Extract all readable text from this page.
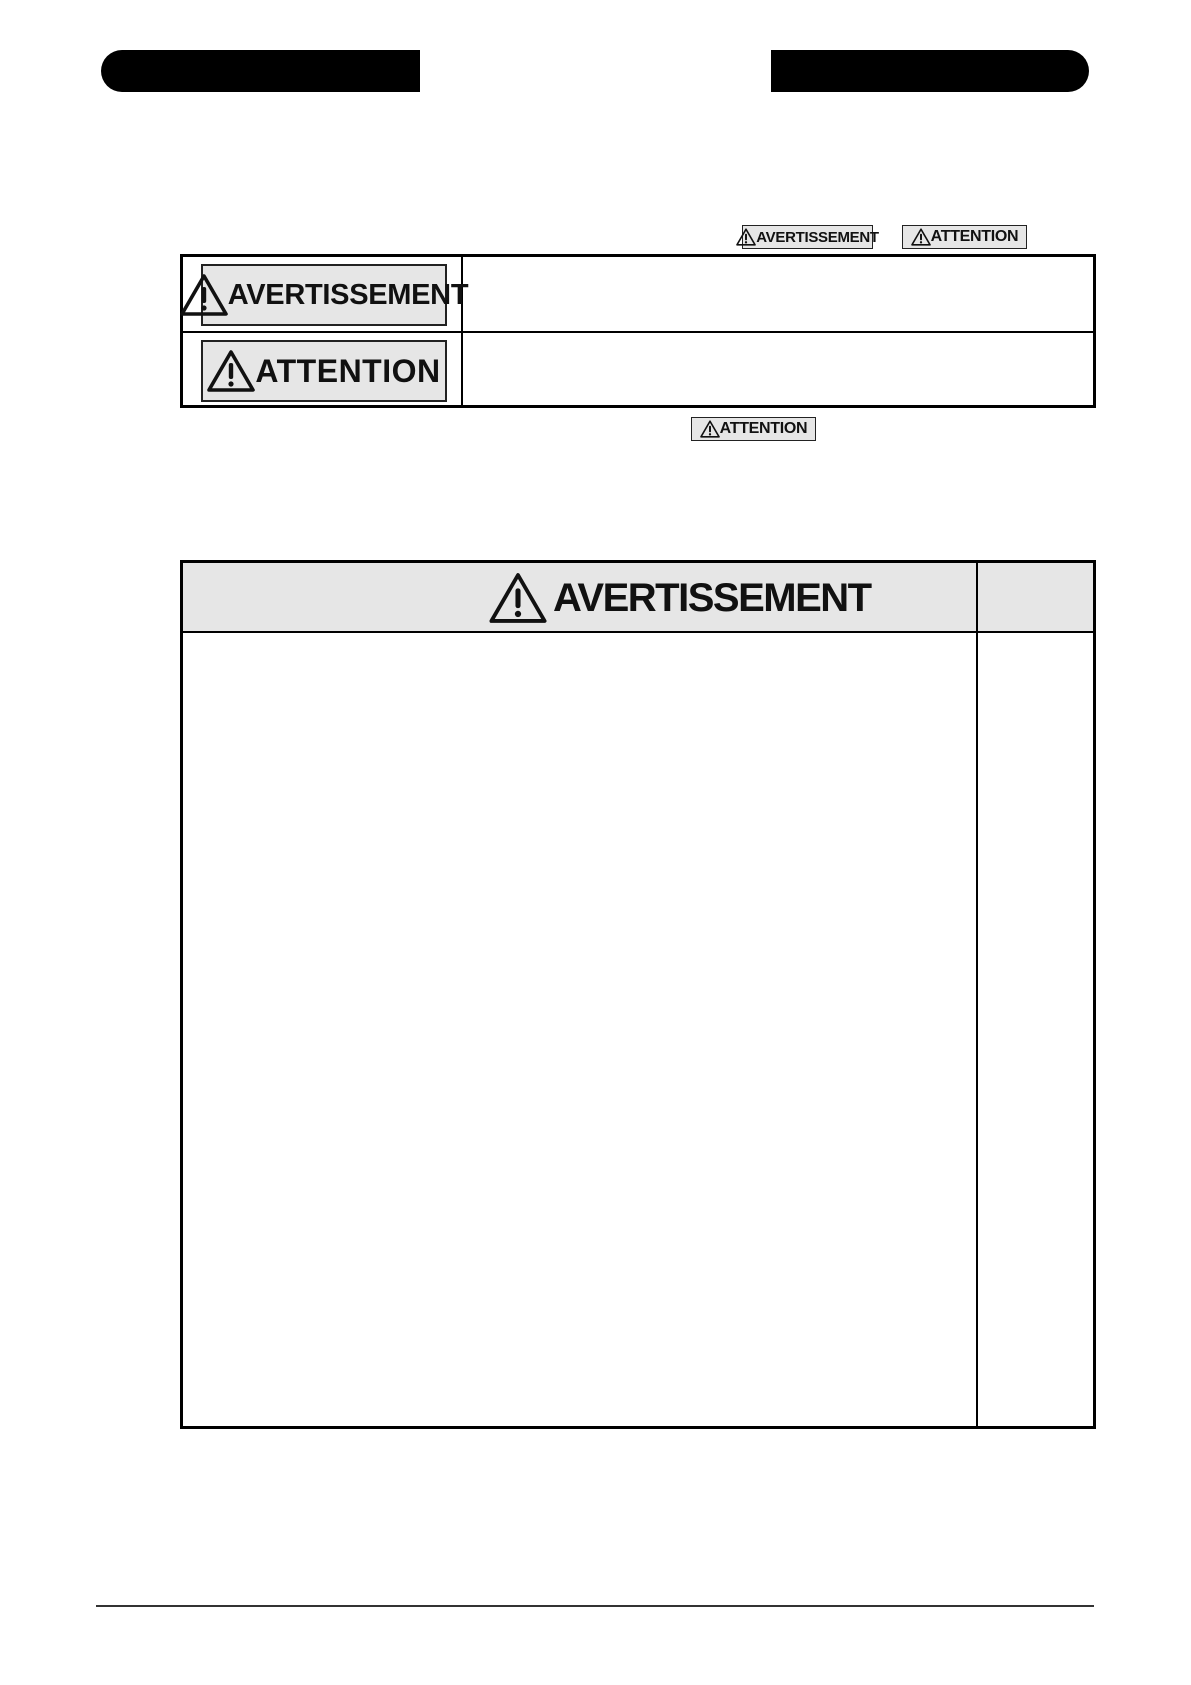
AVERTISSEMENT	ATTENTION
AVERTISSEMENT
ATTENTION
ATTENTION
AVERTISSEMENT
